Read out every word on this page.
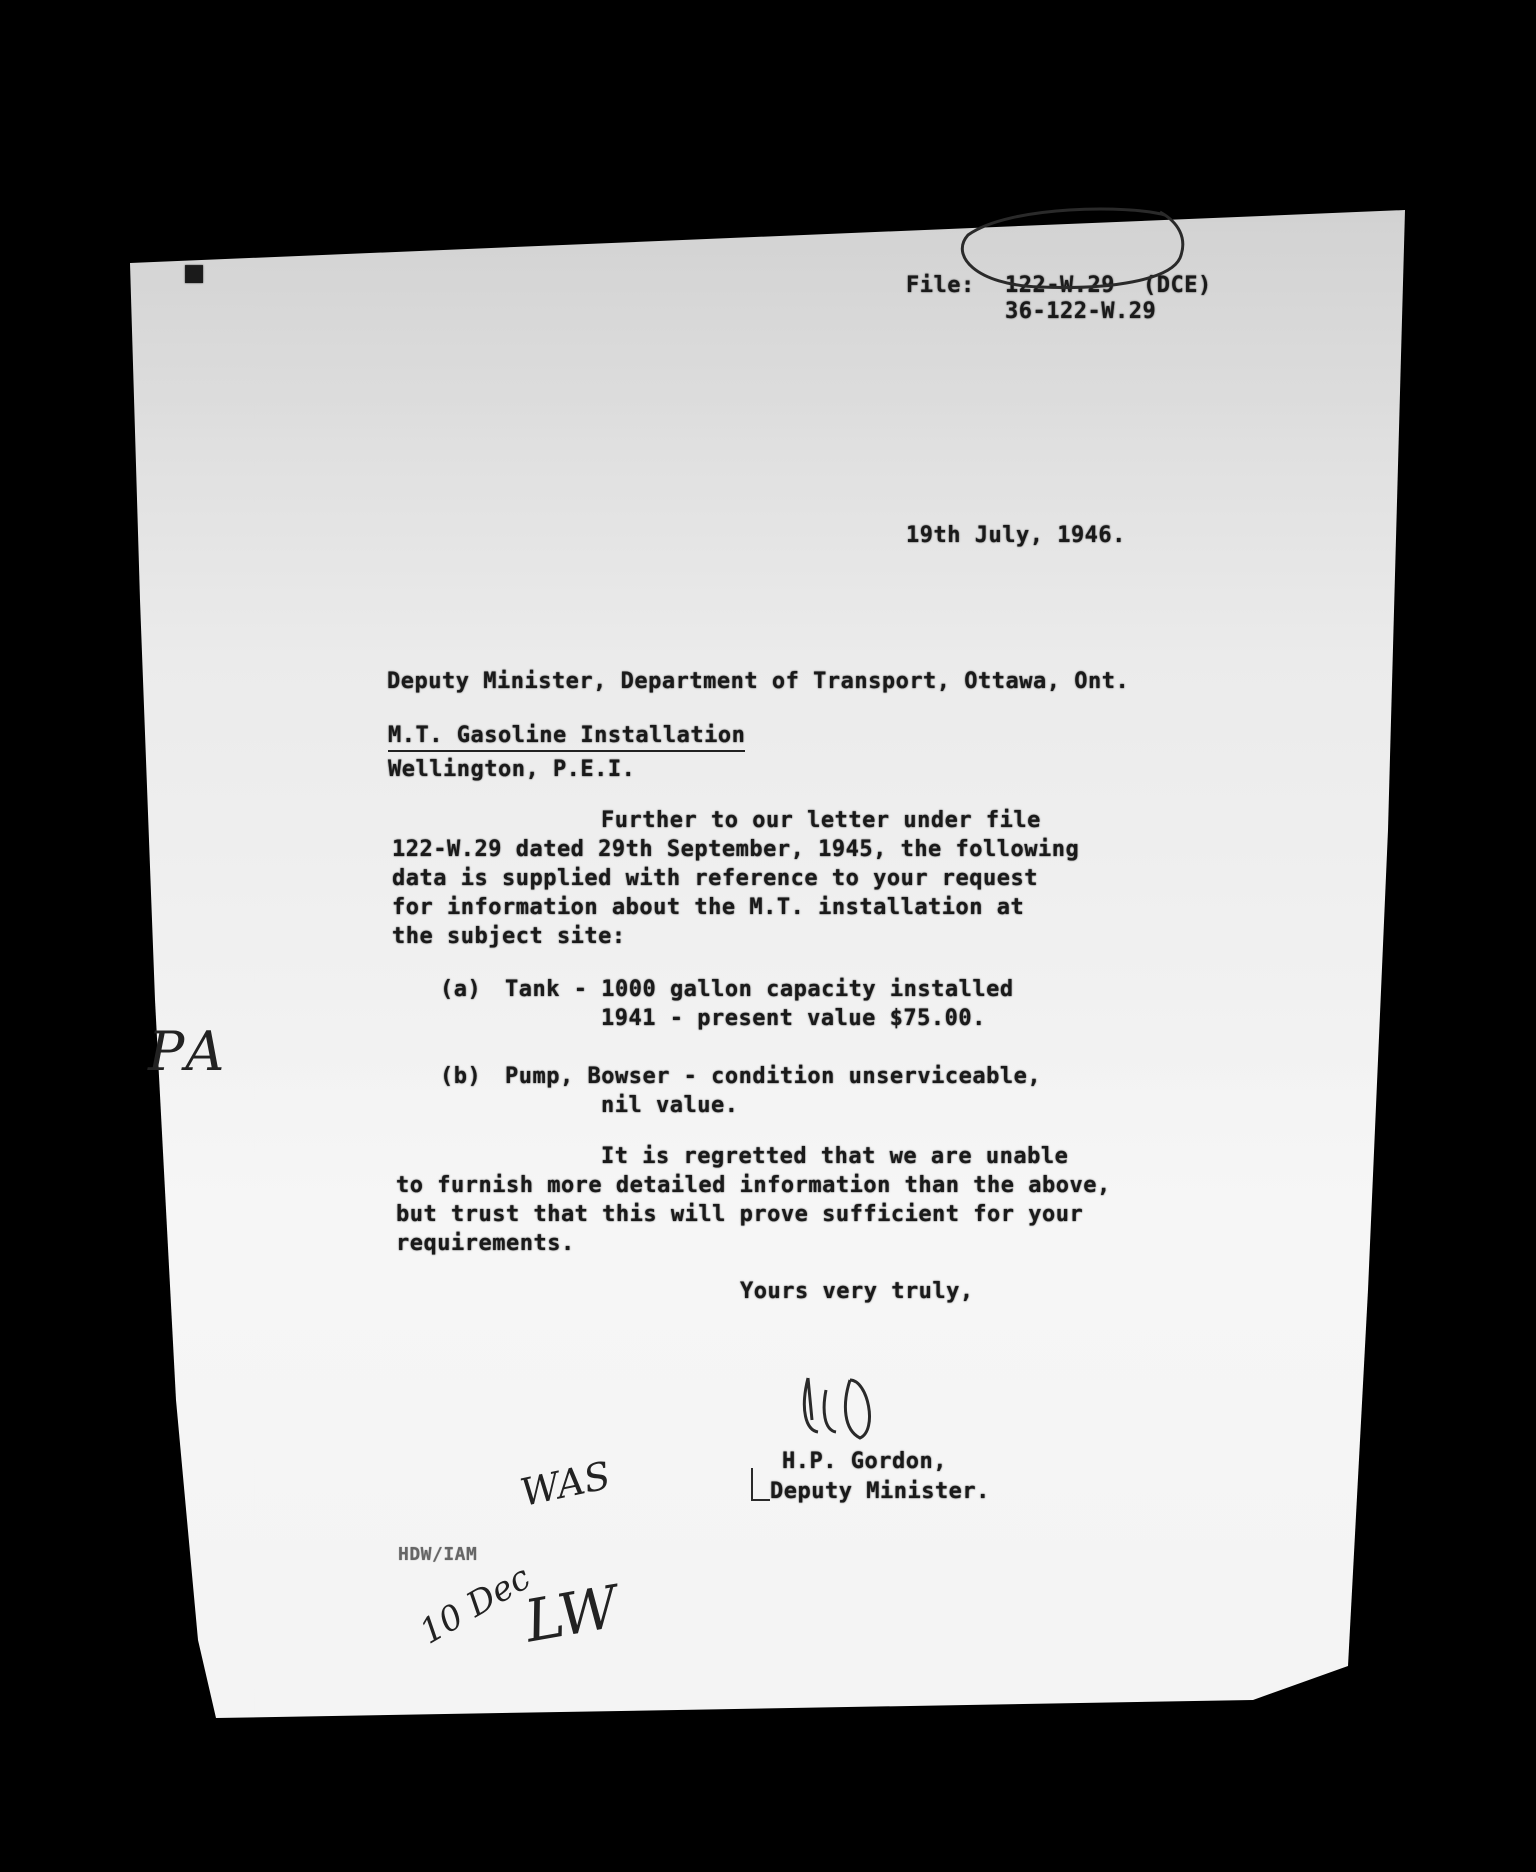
■	File: 122-W.29 (DCE)
36-122-W.29
19th July, 1946.
Deputy Minister, Department of Transport, Ottawa, Ont.
M.T. Gasoline Installation
Wellington, P.E.I.
Further to our letter under file
122-W.29 dated 29th September, 1945, the following
data is supplied with reference to your request
for information about the M.T. installation at
the subject site:
(a) Tank - 1000 gallon capacity installed
1941 - present value $75.00.
(b) Pump, Bowser - condition unserviceable,
nil value.
It is regretted that we are unable
to furnish more detailed information than the above,
but trust that this will prove sufficient for your
requirements.
Yours very truly,
H.P. Gordon,
Deputy Minister.
HDW/IAM
PA
WAS
10 Dec
LW
